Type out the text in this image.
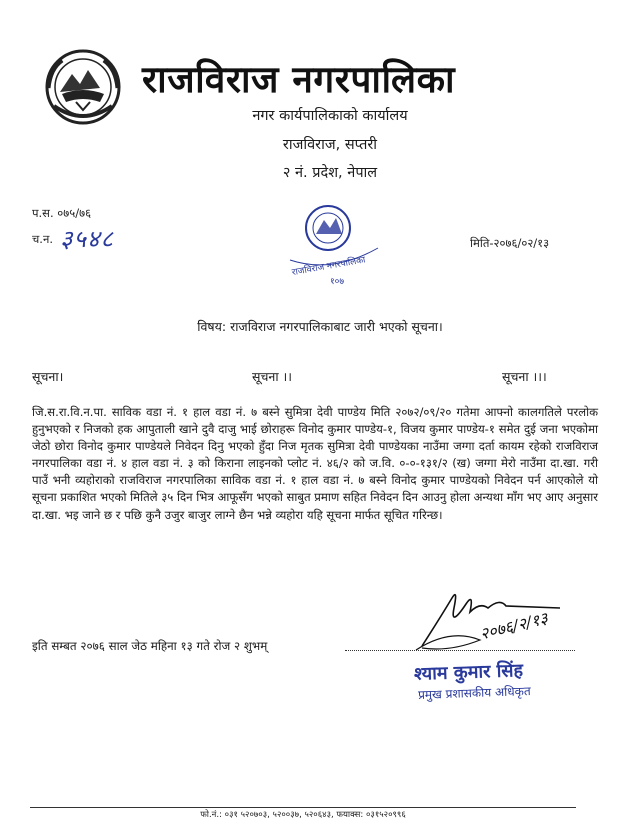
राजविराज नगरपालिका
नगर कार्यपालिकाको कार्यालय
राजविराज, सप्तरी
२ नं. प्रदेश, नेपाल
प.स. ०७५/७६
च.न. ३५४८
राजविराज नगरपालिका
१०७
मिति-२०७६/०२/१३
विषय: राजविराज नगरपालिकाबाट जारी भएको सूचना।
सूचना।	सूचना ।।	सूचना ।।।
जि.स.रा.वि.न.पा. साविक वडा नं. १ हाल वडा नं. ७ बस्ने सुमित्रा देवी पाण्डेय मिति २०७२/०९/२० गतेमा आफ्नो कालगतिले परलोक हुनुभएको र निजको हक आपुताली खाने दुवै दाजु भाई छोराहरू विनोद कुमार पाण्डेय-१, विजय कुमार पाण्डेय-१ समेत दुई जना भएकोमा जेठो छोरा विनोद कुमार पाण्डेयले निवेदन दिनु भएको हुँदा निज मृतक सुमित्रा देवी पाण्डेयका नाउँमा जग्गा दर्ता कायम रहेको राजविराज नगरपालिका वडा नं. ४ हाल वडा नं. ३ को किराना लाइनको प्लोट नं. ४६/२ को ज.वि. ०-०-१३१/२ (ख) जग्गा मेरो नाउँमा दा.खा. गरी पाउँ भनी व्यहोराको राजविराज नगरपालिका साविक वडा नं. १ हाल वडा नं. ७ बस्ने विनोद कुमार पाण्डेयको निवेदन पर्न आएकोले यो सूचना प्रकाशित भएको मितिले ३५ दिन भित्र आफूसँग भएको साबुत प्रमाण सहित निवेदन दिन आउनु होला अन्यथा माँग भए आए अनुसार दा.खा. भइ जाने छ र पछि कुनै उजुर बाजुर लाग्ने छैन भन्ने व्यहोरा यहि सूचना मार्फत सूचित गरिन्छ।
२०७६/२/१३
इति सम्बत २०७६ साल जेठ महिना १३ गते रोज २ शुभम्
श्याम कुमार सिंह
प्रमुख प्रशासकीय अधिकृत
फो.नं.: ०३१ ५२०७०३, ५२००३७, ५२०६४३, फयाक्स: ०३१५२०९९६
